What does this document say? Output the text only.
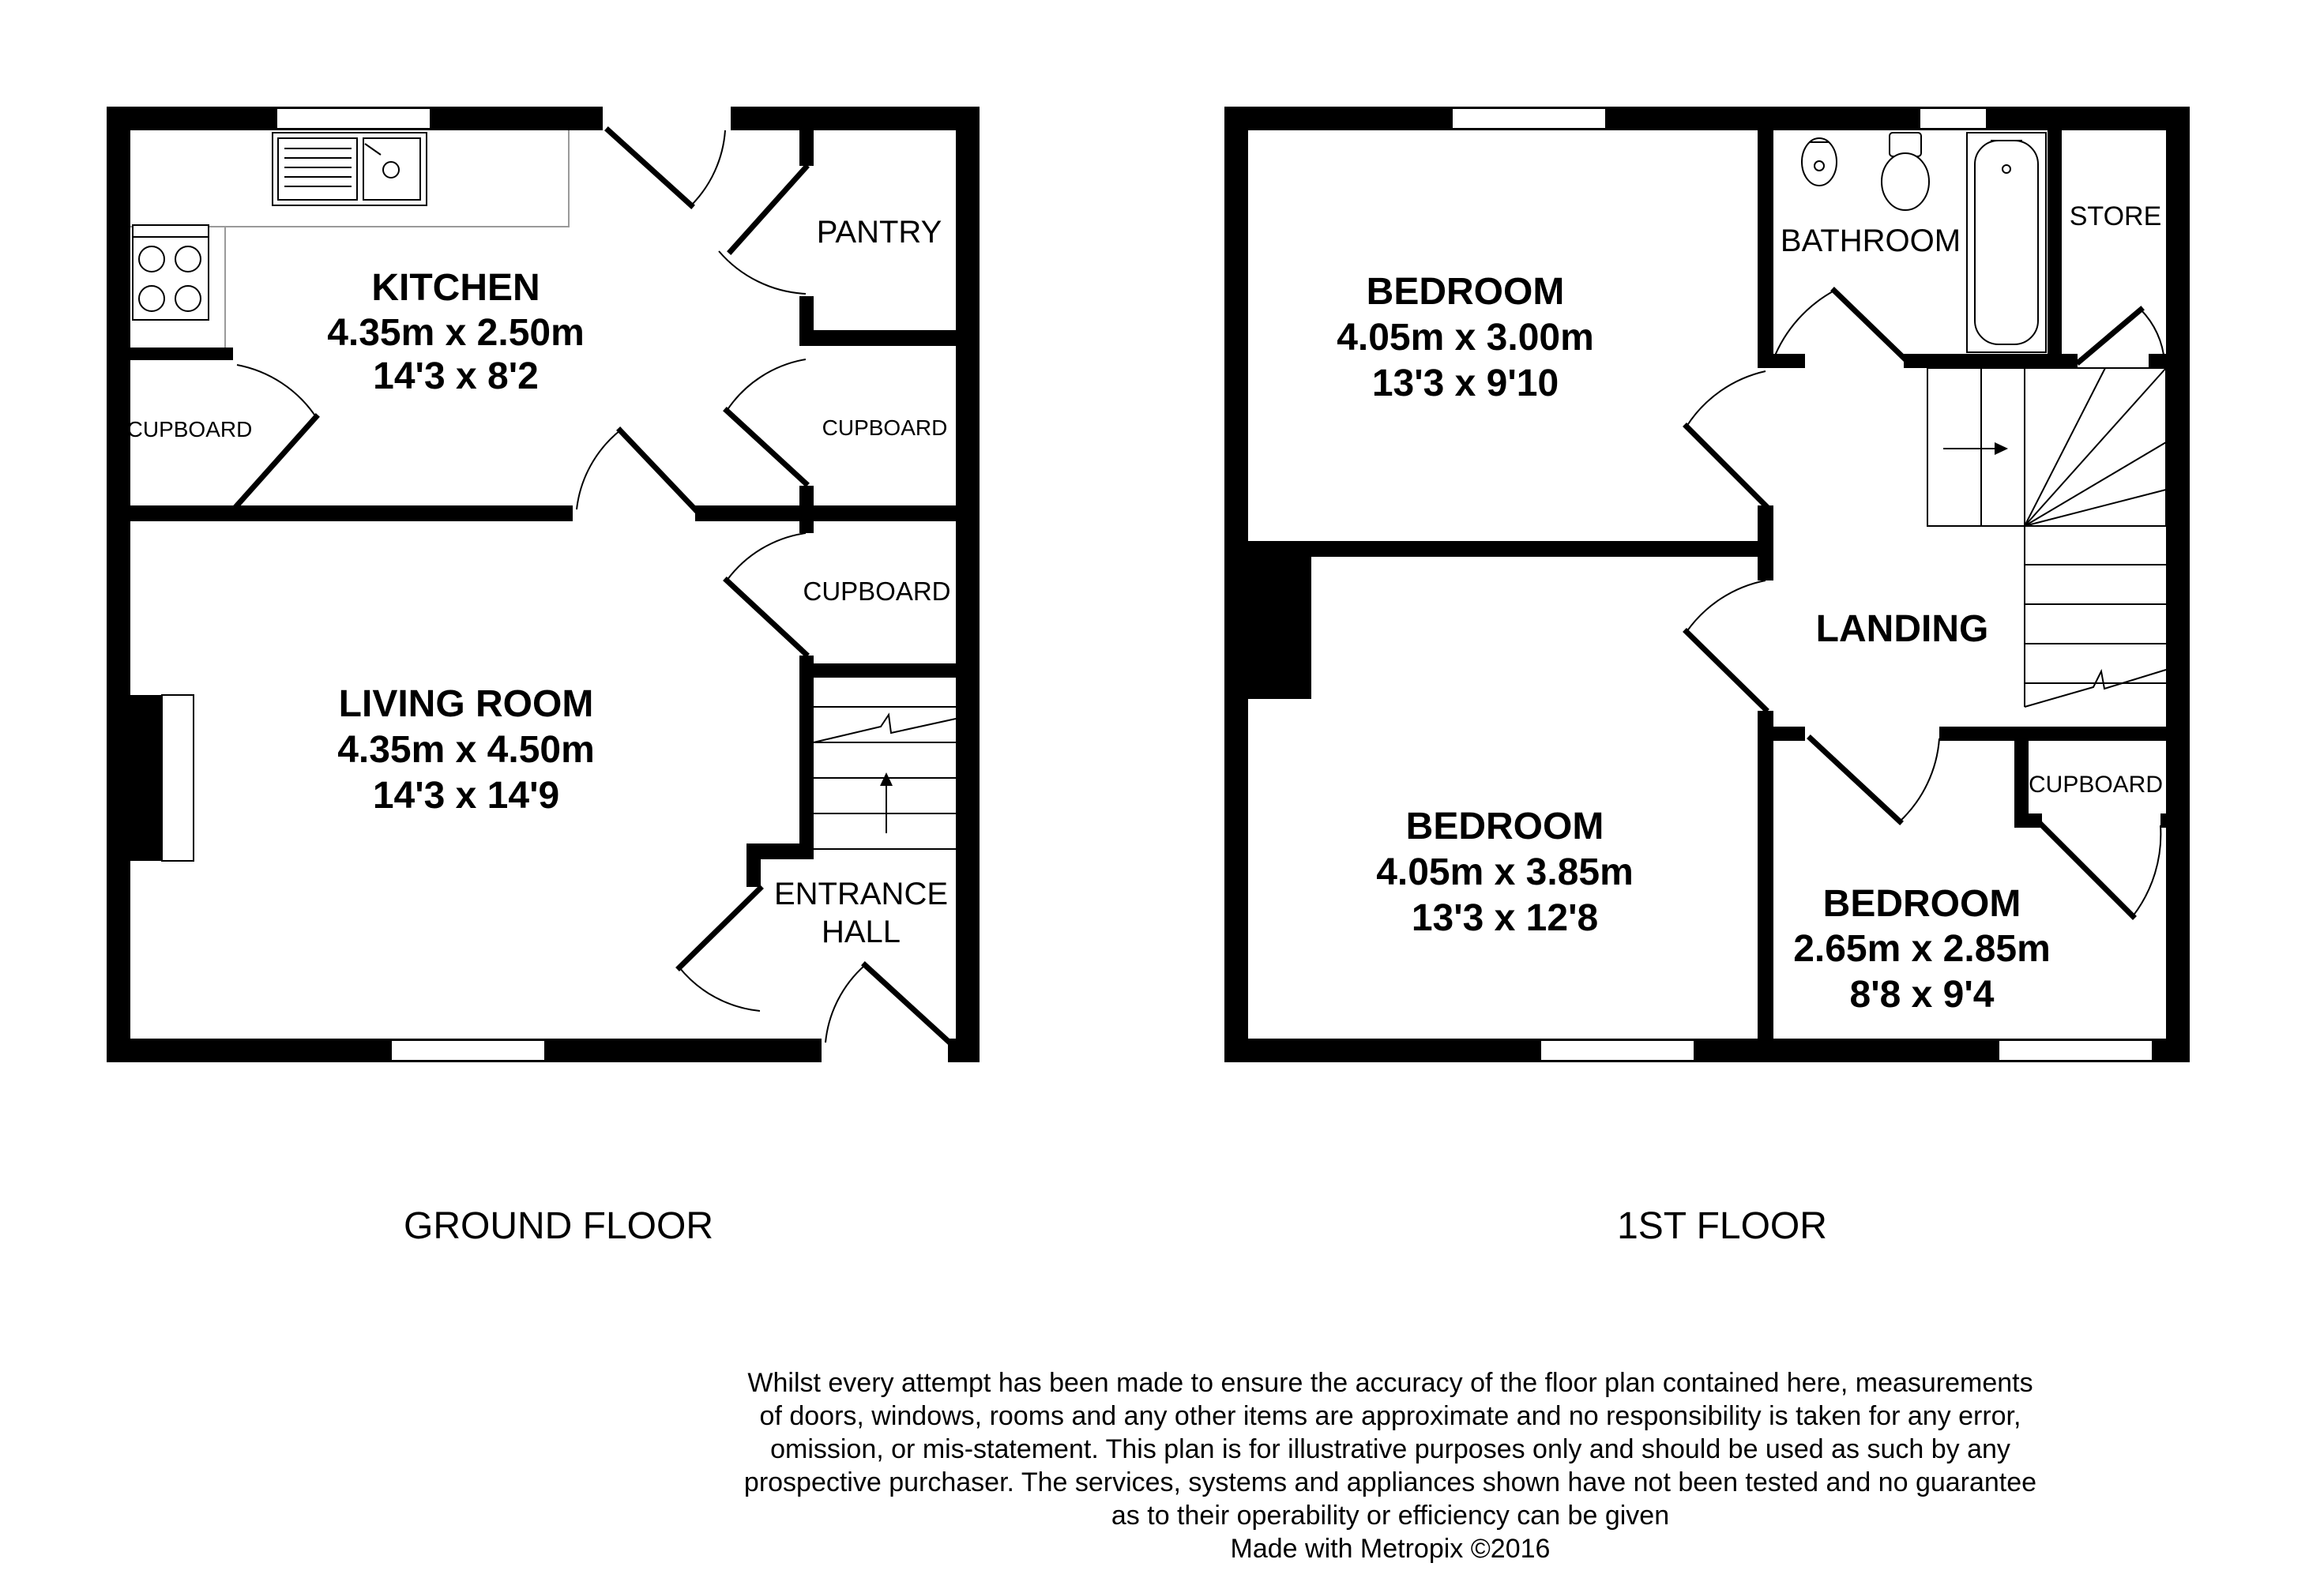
KITCHEN
4.35m x 2.50m
14'3 x 8'2
PANTRY
CUPBOARD	CUPBOARD
CUPBOARD
LIVING ROOM
4.35m x 4.50m
14'3 x 14'9
ENTRANCE
HALL
GROUND FLOOR
BEDROOM
4.05m x 3.00m
13'3 x 9'10
BATHROOM
STORE
LANDING
BEDROOM
4.05m x 3.85m
13'3 x 12'8
CUPBOARD
BEDROOM
2.65m x 2.85m
8'8 x 9'4
1ST FLOOR
Whilst every attempt has been made to ensure the accuracy of the floor plan contained here, measurements
of doors, windows, rooms and any other items are approximate and no responsibility is taken for any error,
omission, or mis-statement. This plan is for illustrative purposes only and should be used as such by any
prospective purchaser. The services, systems and appliances shown have not been tested and no guarantee
as to their operability or efficiency can be given
Made with Metropix ©2016
